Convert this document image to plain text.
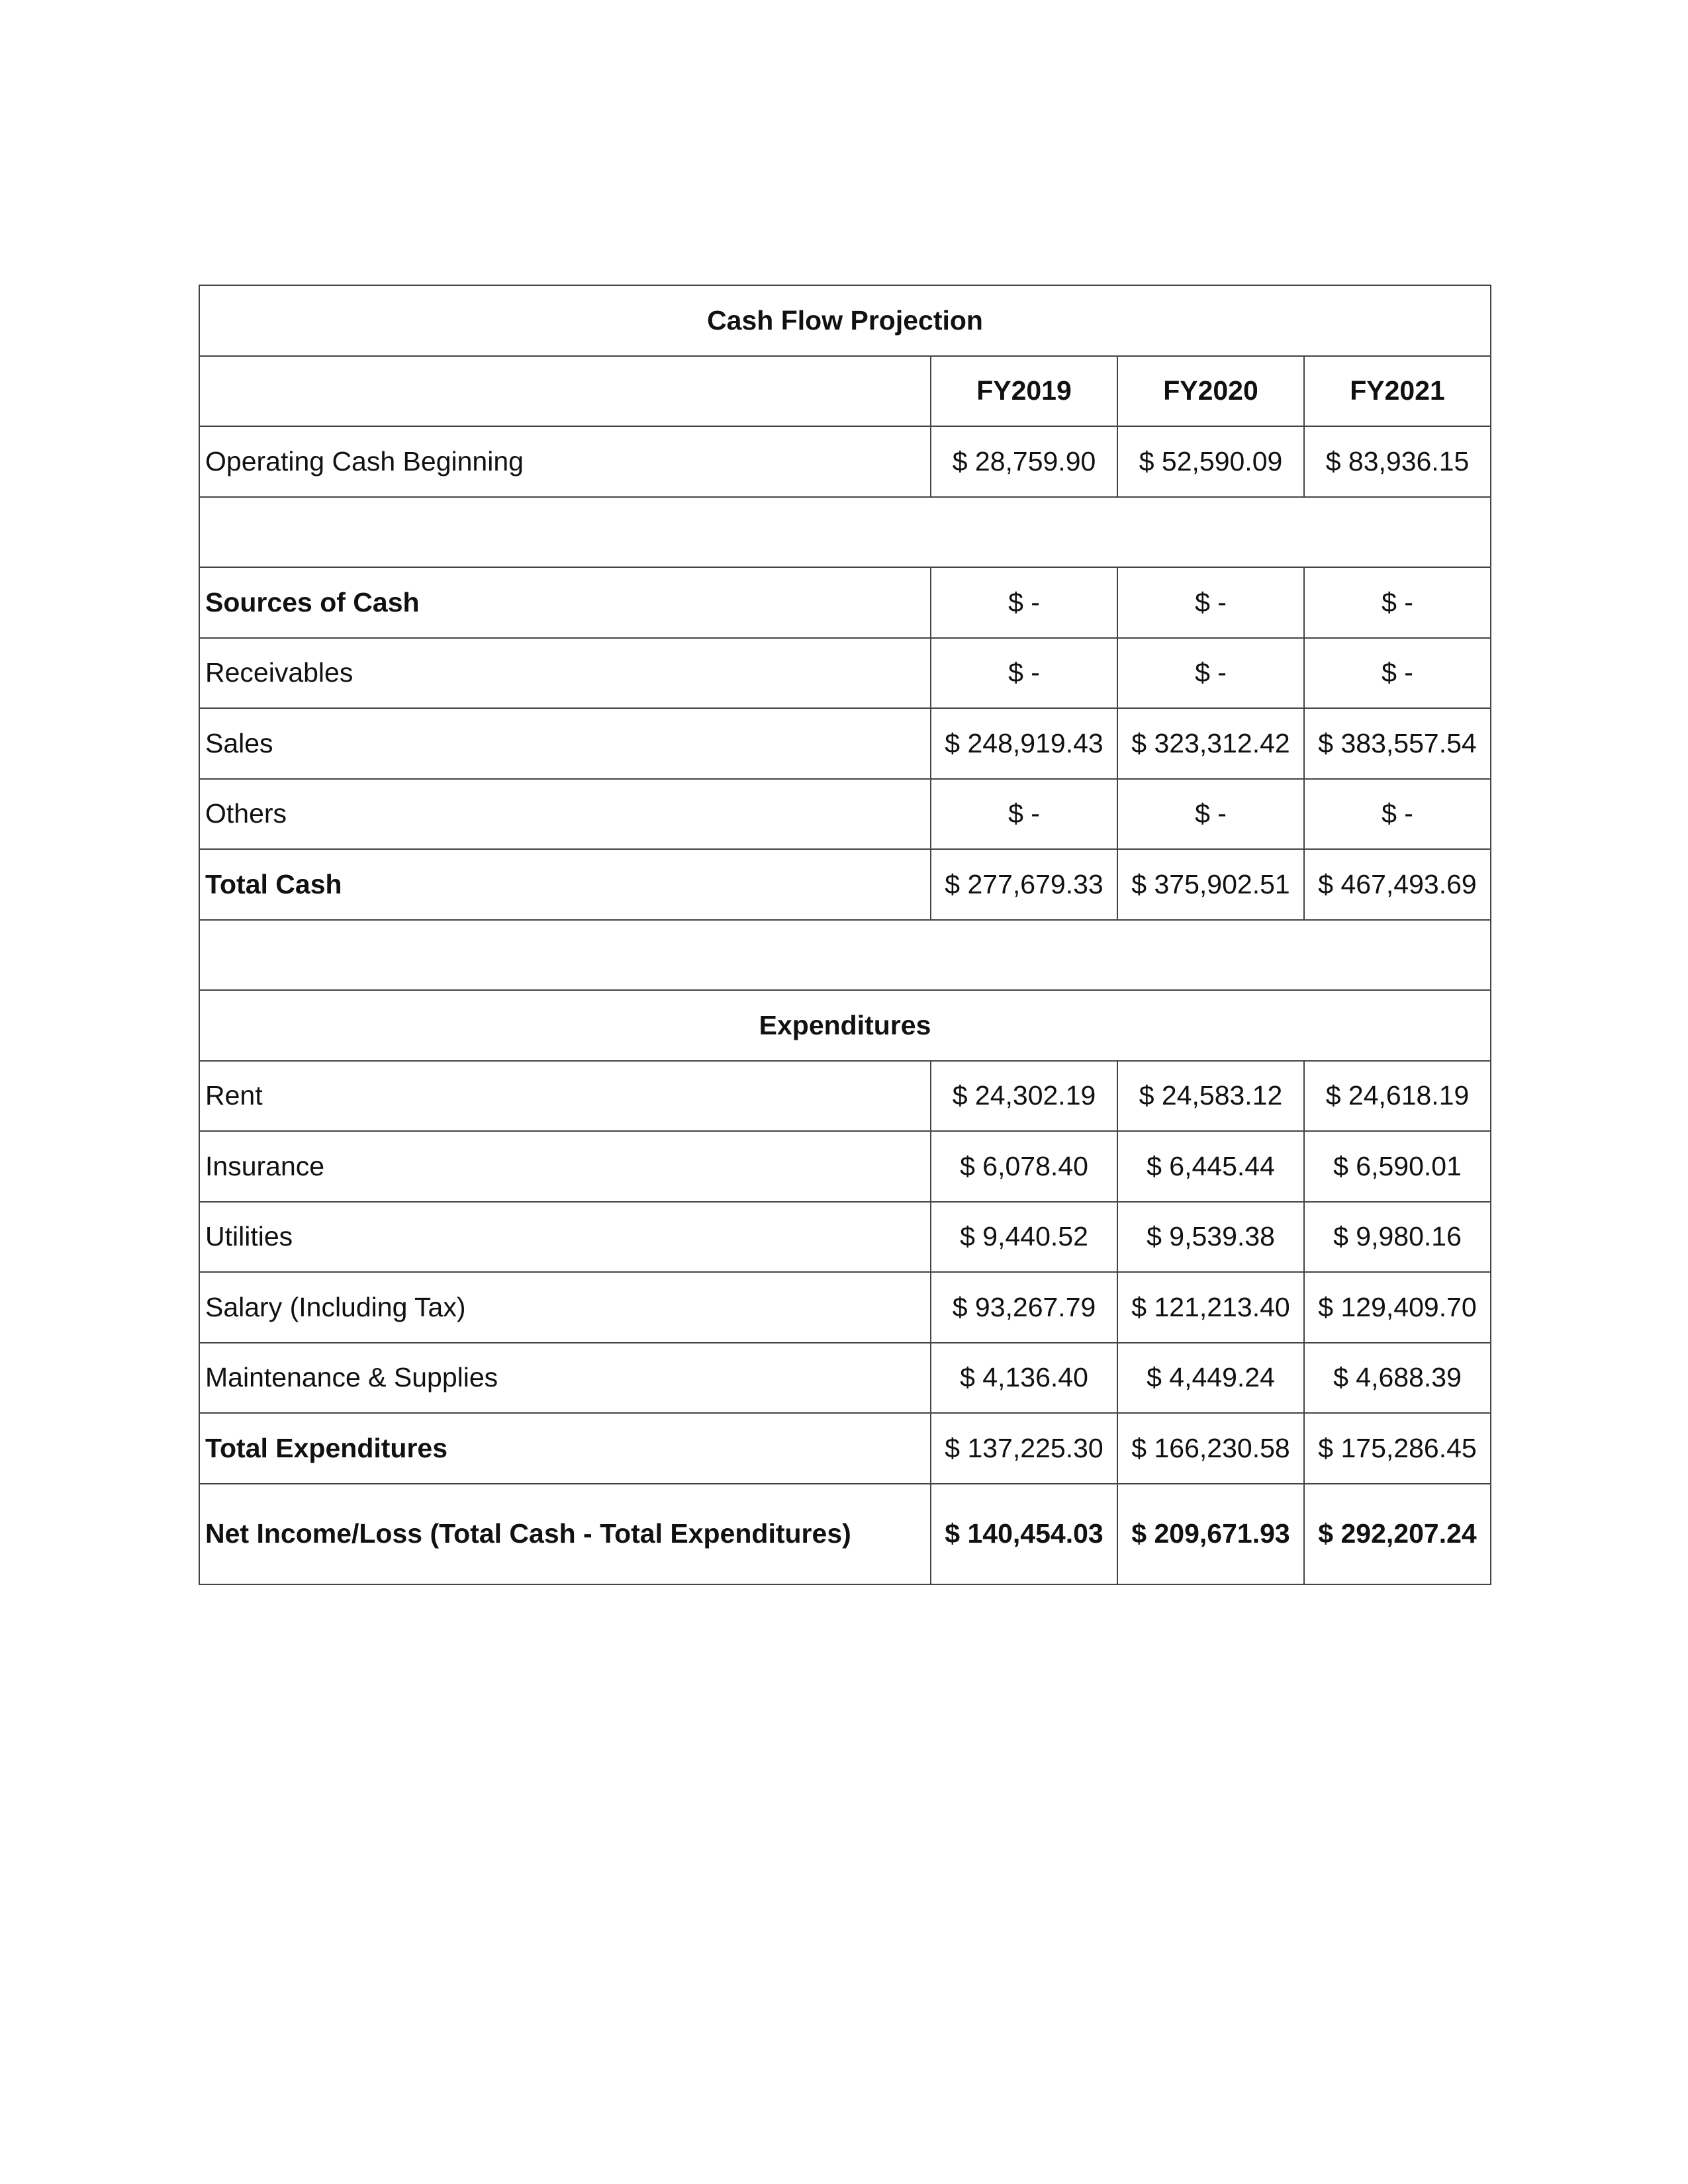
Cash Flow Projection			
	FY2019	FY2020	FY2021
Operating Cash Beginning	$ 28,759.90	$ 52,590.09	$ 83,936.15

Sources of Cash	$ -	$ -	$ -
Receivables	$ -	$ -	$ -
Sales	$ 248,919.43	$ 323,312.42	$ 383,557.54
Others	$ -	$ -	$ -
Total Cash	$ 277,679.33	$ 375,902.51	$ 467,493.69

Expenditures			
Rent	$ 24,302.19	$ 24,583.12	$ 24,618.19
Insurance	$ 6,078.40	$ 6,445.44	$ 6,590.01
Utilities	$ 9,440.52	$ 9,539.38	$ 9,980.16
Salary (Including Tax)	$ 93,267.79	$ 121,213.40	$ 129,409.70
Maintenance & Supplies	$ 4,136.40	$ 4,449.24	$ 4,688.39
Total Expenditures	$ 137,225.30	$ 166,230.58	$ 175,286.45
Net Income/Loss (Total Cash - Total Expenditures)	$ 140,454.03	$ 209,671.93	$ 292,207.24
